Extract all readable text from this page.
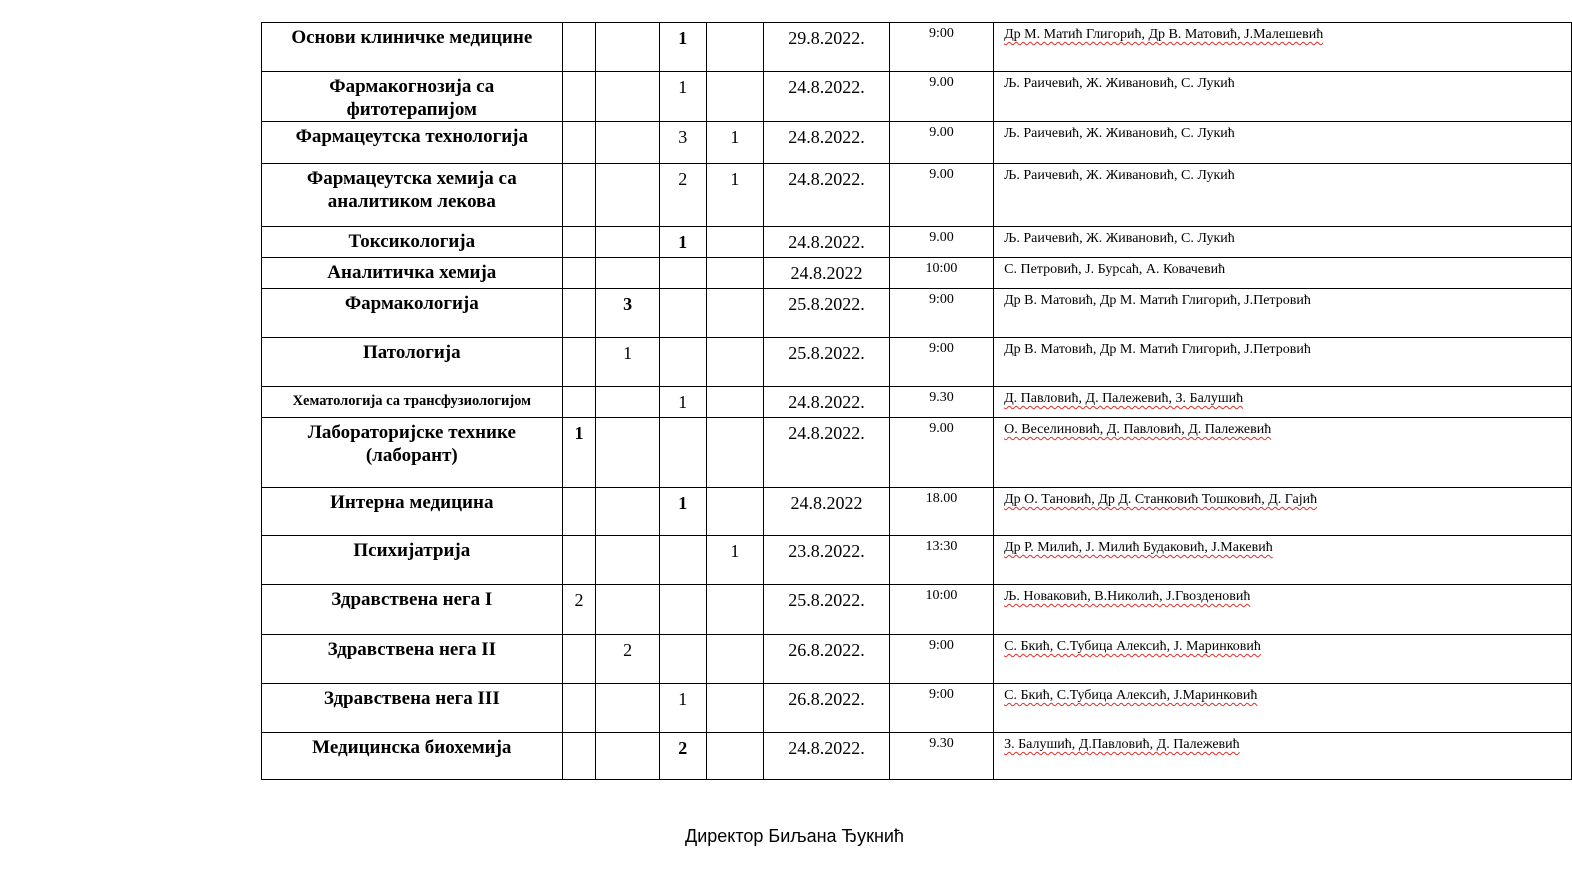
Основи клиничке медицине			1		29.8.2022.	9:00	Др М. Матић Глигорић, Др В. Матовић, Ј.Малешевић
Фармакогнозија са фитотерапијом			1		24.8.2022.	9.00	Љ. Раичевић, Ж. Живановић, С. Лукић
Фармацеутска технологија			3	1	24.8.2022.	9.00	Љ. Раичевић, Ж. Живановић, С. Лукић
Фармацеутска хемија са аналитиком лекова			2	1	24.8.2022.	9.00	Љ. Раичевић, Ж. Живановић, С. Лукић
Токсикологија			1		24.8.2022.	9.00	Љ. Раичевић, Ж. Живановић, С. Лукић
Аналитичка хемија					24.8.2022	10:00	С. Петровић, Ј. Бурсаћ, А. Ковачевић
Фармакологија		3			25.8.2022.	9:00	Др В. Матовић, Др М. Матић Глигорић, Ј.Петровић
Патологија		1			25.8.2022.	9:00	Др В. Матовић, Др М. Матић Глигорић, Ј.Петровић
Хематологија са трансфузиологијом			1		24.8.2022.	9.30	Д. Павловић, Д. Палежевић, З. Балушић
Лабораторијске технике (лаборант)	1				24.8.2022.	9.00	О. Веселиновић, Д. Павловић, Д. Палежевић
Интерна медицина			1		24.8.2022	18.00	Др О. Тановић, Др Д. Станковић Тошковић, Д. Гајић
Психијатрија				1	23.8.2022.	13:30	Др Р. Милић, Ј. Милић Будаковић, Ј.Макевић
Здравствена нега I	2				25.8.2022.	10:00	Љ. Новаковић, В.Николић, Ј.Гвозденовић
Здравствена нега II		2			26.8.2022.	9:00	С. Бкић, С.Тубица Алексић, Ј. Маринковић
Здравствена нега III			1		26.8.2022.	9:00	С. Бкић, С.Тубица Алексић, Ј.Маринковић
Медицинска биохемија			2		24.8.2022.	9.30	З. Балушић, Д.Павловић, Д. Палежевић
Директор Биљана Ђукнић
